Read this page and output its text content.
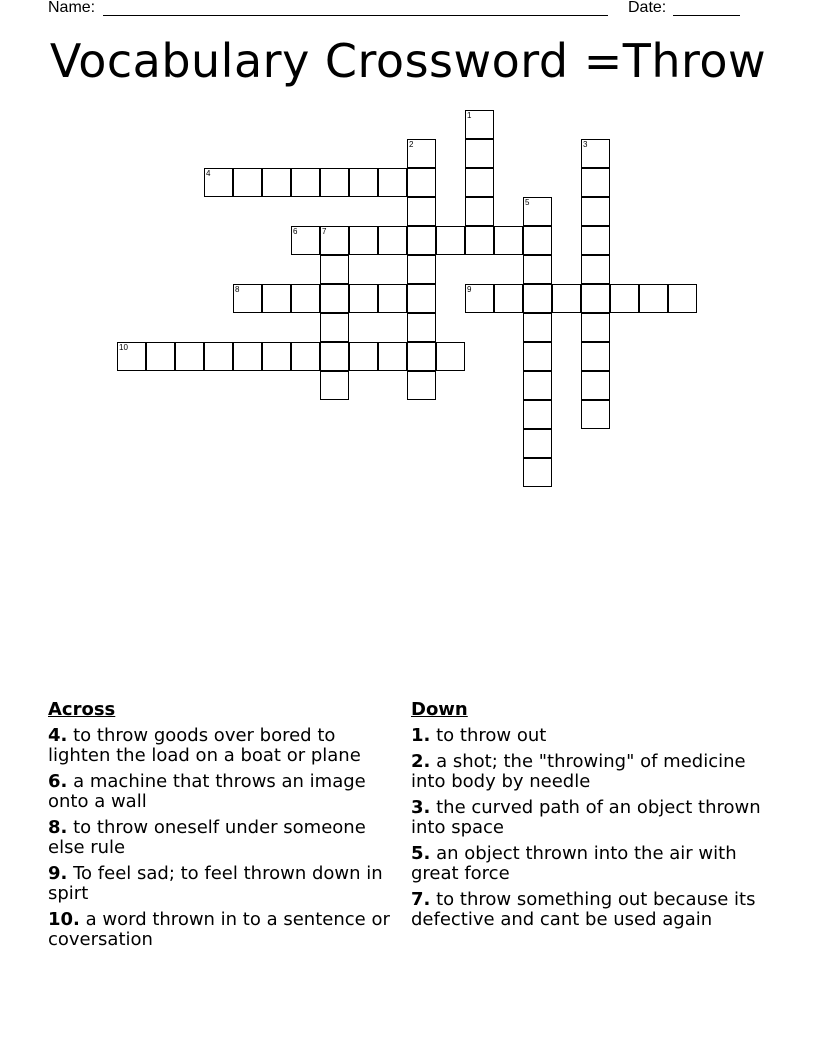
Name:	Date:
Vocabulary Crossword =Throw
1
2	3
4
5
6	7
8	9
10
Across
4. to throw goods over bored to lighten the load on a boat or plane
6. a machine that throws an image onto a wall
8. to throw oneself under someone else rule
9. To feel sad; to feel thrown down in spirt
10. a word thrown in to a sentence or coversation
Down
1. to throw out
2. a shot; the "throwing" of medicine into body by needle
3. the curved path of an object thrown into space
5. an object thrown into the air with great force
7. to throw something out because its defective and cant be used again
